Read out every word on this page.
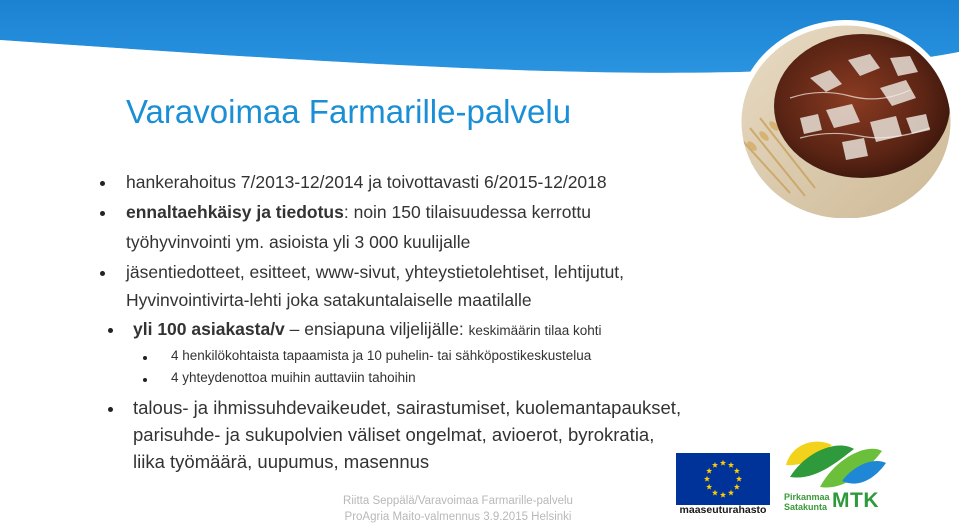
Varavoimaa Farmarille-palvelu
hankerahoitus 7/2013-12/2014 ja toivottavasti 6/2015-12/2018
ennaltaehkäisy ja tiedotus: noin 150 tilaisuudessa kerrottu
työhyvinvointi ym. asioista yli 3 000 kuulijalle
jäsentiedotteet, esitteet, www-sivut, yhteystietolehtiset, lehtijutut,
Hyvinvointivirta-lehti joka satakuntalaiselle maatilalle
yli 100 asiakasta/v – ensiapuna viljelijälle: keskimäärin tilaa kohti
4 henkilökohtaista tapaamista ja 10 puhelin- tai sähköpostikeskustelua
4 yhteydenottoa muihin auttaviin tahoihin
talous- ja ihmissuhdevaikeudet, sairastumiset, kuolemantapaukset,
parisuhde- ja sukupolvien väliset ongelmat, avioerot, byrokratia,
liika työmäärä, uupumus, masennus
Riitta Seppälä/Varavoimaa Farmarille-palvelu
ProAgria Maito-valmennus 3.9.2015 Helsinki
maaseuturahasto
Pirkanmaa
Satakunta MTK
